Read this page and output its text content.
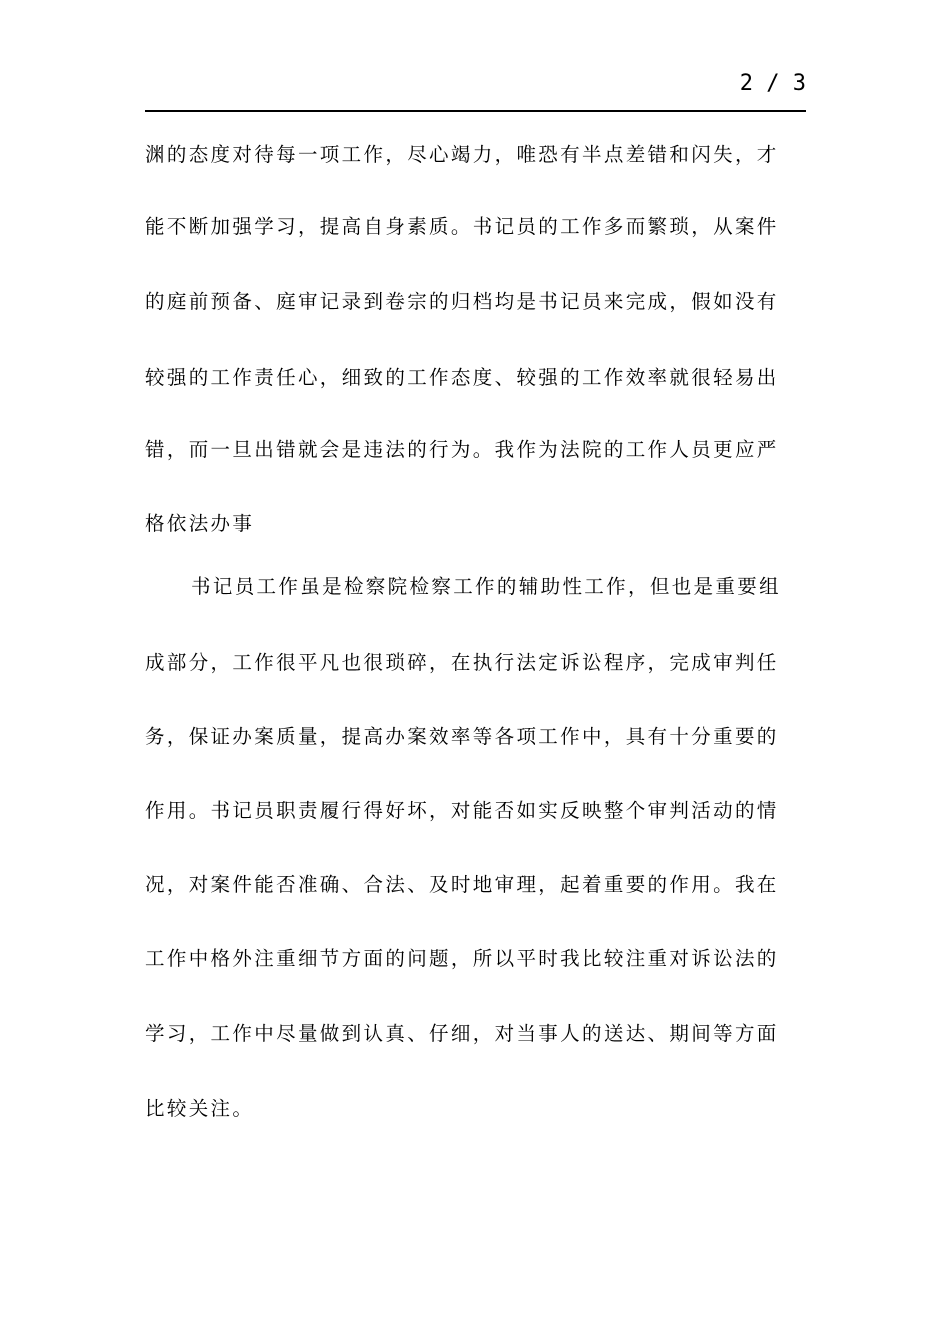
2 / 3
渊的态度对待每一项工作，尽心竭力，唯恐有半点差错和闪失，才
能不断加强学习，提高自身素质。书记员的工作多而繁琐，从案件
的庭前预备、庭审记录到卷宗的归档均是书记员来完成，假如没有
较强的工作责任心，细致的工作态度、较强的工作效率就很轻易出
错，而一旦出错就会是违法的行为。我作为法院的工作人员更应严
格依法办事
书记员工作虽是检察院检察工作的辅助性工作，但也是重要组
成部分，工作很平凡也很琐碎，在执行法定诉讼程序，完成审判任
务，保证办案质量，提高办案效率等各项工作中，具有十分重要的
作用。书记员职责履行得好坏，对能否如实反映整个审判活动的情
况，对案件能否准确、合法、及时地审理，起着重要的作用。我在
工作中格外注重细节方面的问题，所以平时我比较注重对诉讼法的
学习，工作中尽量做到认真、仔细，对当事人的送达、期间等方面
比较关注。
